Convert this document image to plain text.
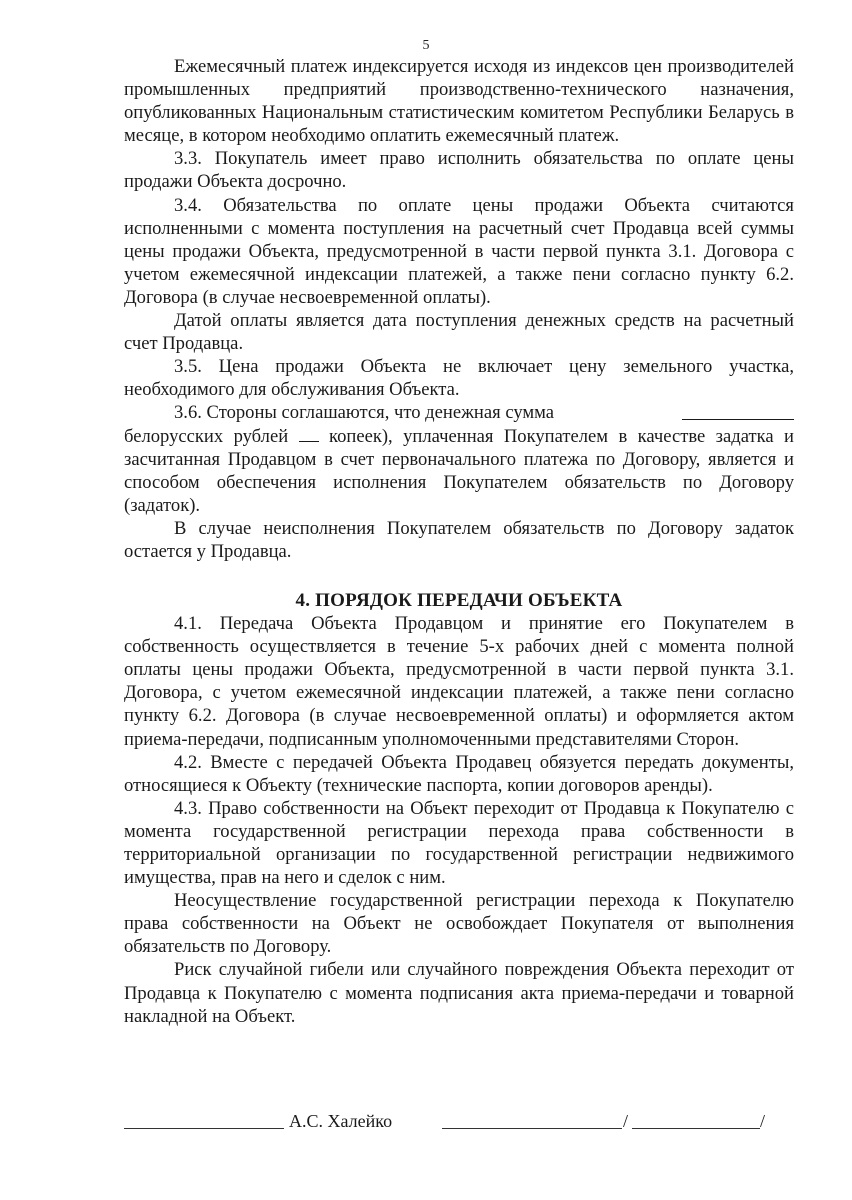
5

Ежемесячный платеж индексируется исходя из индексов цен производителей промышленных предприятий производственно-технического назначения, опубликованных Национальным статистическим комитетом Республики Беларусь в месяце, в котором необходимо оплатить ежемесячный платеж.

3.3. Покупатель имеет право исполнить обязательства по оплате цены продажи Объекта досрочно.

3.4. Обязательства по оплате цены продажи Объекта считаются исполненными с момента поступления на расчетный счет Продавца всей суммы цены продажи Объекта, предусмотренной в части первой пункта 3.1. Договора с учетом ежемесячной индексации платежей, а также пени согласно пункту 6.2. Договора (в случае несвоевременной оплаты).

Датой оплаты является дата поступления денежных средств на расчетный счет Продавца.

3.5. Цена продажи Объекта не включает цену земельного участка, необходимого для обслуживания Объекта.

3.6. Стороны соглашаются, что денежная сумма

белорусских рублей копеек), уплаченная Покупателем в качестве задатка и засчитанная Продавцом в счет первоначального платежа по Договору, является и способом обеспечения исполнения Покупателем обязательств по Договору (задаток).

В случае неисполнения Покупателем обязательств по Договору задаток остается у Продавца.

4. ПОРЯДОК ПЕРЕДАЧИ ОБЪЕКТА

4.1. Передача Объекта Продавцом и принятие его Покупателем в собственность осуществляется в течение 5-х рабочих дней с момента полной оплаты цены продажи Объекта, предусмотренной в части первой пункта 3.1. Договора, с учетом ежемесячной индексации платежей, а также пени согласно пункту 6.2. Договора (в случае несвоевременной оплаты) и оформляется актом приема-передачи, подписанным уполномоченными представителями Сторон.

4.2. Вместе с передачей Объекта Продавец обязуется передать документы, относящиеся к Объекту (технические паспорта, копии договоров аренды).

4.3. Право собственности на Объект переходит от Продавца к Покупателю с момента государственной регистрации перехода права собственности в территориальной организации по государственной регистрации недвижимого имущества, прав на него и сделок с ним.

Неосуществление государственной регистрации перехода к Покупателю права собственности на Объект не освобождает Покупателя от выполнения обязательств по Договору.

Риск случайной гибели или случайного повреждения Объекта переходит от Продавца к Покупателю с момента подписания акта приема-передачи и товарной накладной на Объект.

А.С. Халейко	/	/
